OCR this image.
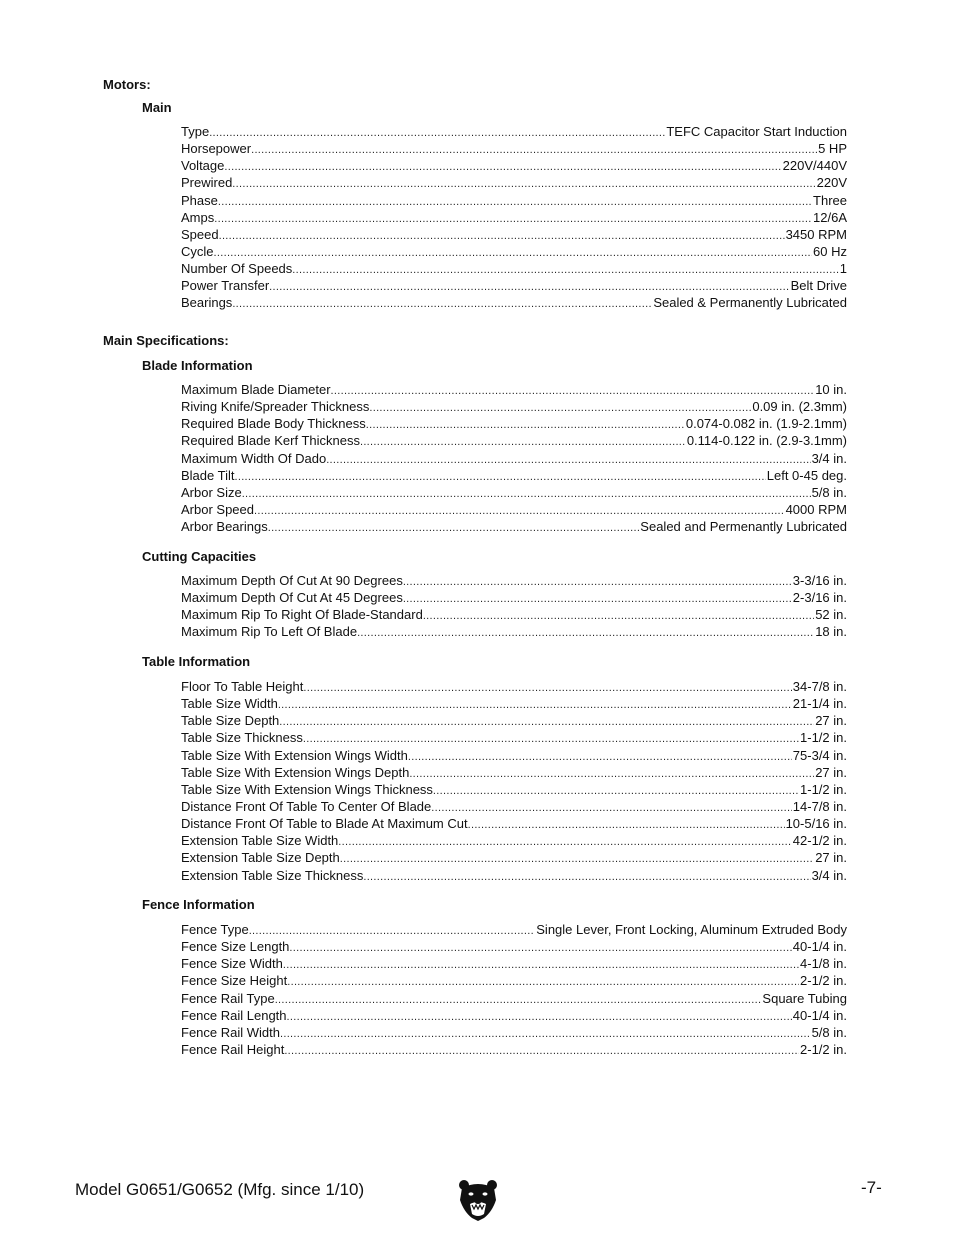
Motors:
Main
Type .....	TEFC Capacitor Start Induction
Horsepower .....	5 HP
Voltage .....	220V/440V
Prewired .....	220V
Phase .....	Three
Amps .....	12/6A
Speed .....	3450 RPM
Cycle .....	60 Hz
Number Of Speeds .....	1
Power Transfer .....	Belt Drive
Bearings .....	Sealed & Permanently Lubricated
Main Specifications:
Blade Information
Maximum Blade Diameter .....	10 in.
Riving Knife/Spreader Thickness .....	0.09 in. (2.3mm)
Required Blade Body Thickness .....	0.074-0.082 in. (1.9-2.1mm)
Required Blade Kerf Thickness .....	0.114-0.122 in. (2.9-3.1mm)
Maximum Width Of Dado .....	3/4 in.
Blade Tilt .....	Left 0-45 deg.
Arbor Size .....	5/8 in.
Arbor Speed .....	4000 RPM
Arbor Bearings .....	Sealed and Permenantly Lubricated
Cutting Capacities
Maximum Depth Of Cut At 90 Degrees .....	3-3/16 in.
Maximum Depth Of Cut At 45 Degrees .....	2-3/16 in.
Maximum Rip To Right Of Blade-Standard .....	52 in.
Maximum Rip To Left Of Blade .....	18 in.
Table Information
Floor To Table Height .....	34-7/8 in.
Table Size Width .....	21-1/4 in.
Table Size Depth .....	27 in.
Table Size Thickness .....	1-1/2 in.
Table Size With Extension Wings Width .....	75-3/4 in.
Table Size With Extension Wings Depth .....	27 in.
Table Size With Extension Wings Thickness .....	1-1/2 in.
Distance Front Of Table To Center Of Blade .....	14-7/8 in.
Distance Front Of Table to Blade At Maximum Cut .....	10-5/16 in.
Extension Table Size Width .....	42-1/2 in.
Extension Table Size Depth .....	27 in.
Extension Table Size Thickness .....	3/4 in.
Fence Information
Fence Type .....	Single Lever, Front Locking, Aluminum Extruded Body
Fence Size Length .....	40-1/4 in.
Fence Size Width .....	4-1/8 in.
Fence Size Height .....	2-1/2 in.
Fence Rail Type .....	Square Tubing
Fence Rail Length .....	40-1/4 in.
Fence Rail Width .....	5/8 in.
Fence Rail Height .....	2-1/2 in.
Model G0651/G0652 (Mfg. since 1/10)	-7-
